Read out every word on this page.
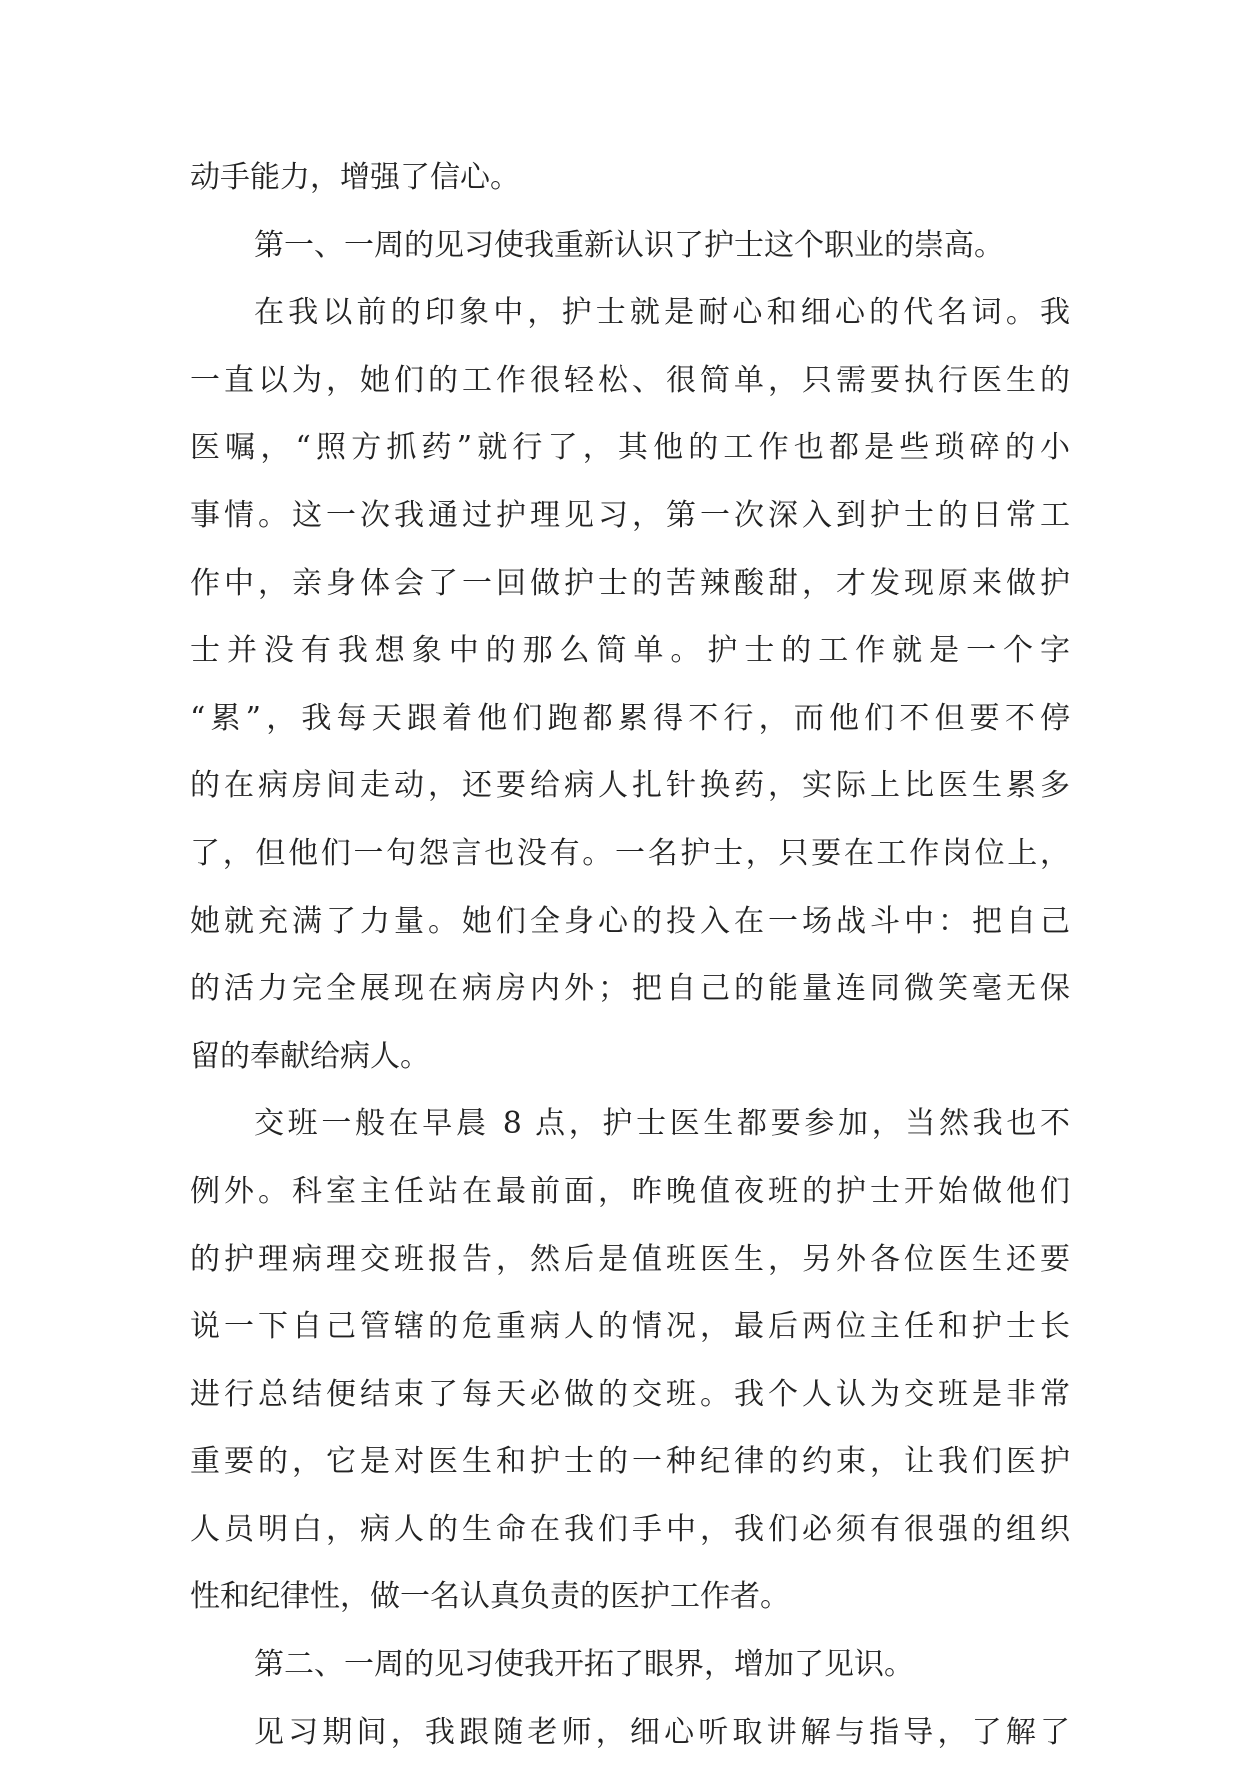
动手能力，增强了信心。
第一、一周的见习使我重新认识了护士这个职业的崇高。
在我以前的印象中，护士就是耐心和细心的代名词。我
一直以为，她们的工作很轻松、很简单，只需要执行医生的
医嘱，“照方抓药”就行了，其他的工作也都是些琐碎的小
事情。这一次我通过护理见习，第一次深入到护士的日常工
作中，亲身体会了一回做护士的苦辣酸甜，才发现原来做护
士并没有我想象中的那么简单。护士的工作就是一个字
“累”，我每天跟着他们跑都累得不行，而他们不但要不停
的在病房间走动，还要给病人扎针换药，实际上比医生累多
了，但他们一句怨言也没有。一名护士，只要在工作岗位上，
她就充满了力量。她们全身心的投入在一场战斗中：把自己
的活力完全展现在病房内外；把自己的能量连同微笑毫无保
留的奉献给病人。
交班一般在早晨 8 点，护士医生都要参加，当然我也不
例外。科室主任站在最前面，昨晚值夜班的护士开始做他们
的护理病理交班报告，然后是值班医生，另外各位医生还要
说一下自己管辖的危重病人的情况，最后两位主任和护士长
进行总结便结束了每天必做的交班。我个人认为交班是非常
重要的，它是对医生和护士的一种纪律的约束，让我们医护
人员明白，病人的生命在我们手中，我们必须有很强的组织
性和纪律性，做一名认真负责的医护工作者。
第二、一周的见习使我开拓了眼界，增加了见识。
见习期间，我跟随老师，细心听取讲解与指导，了解了
